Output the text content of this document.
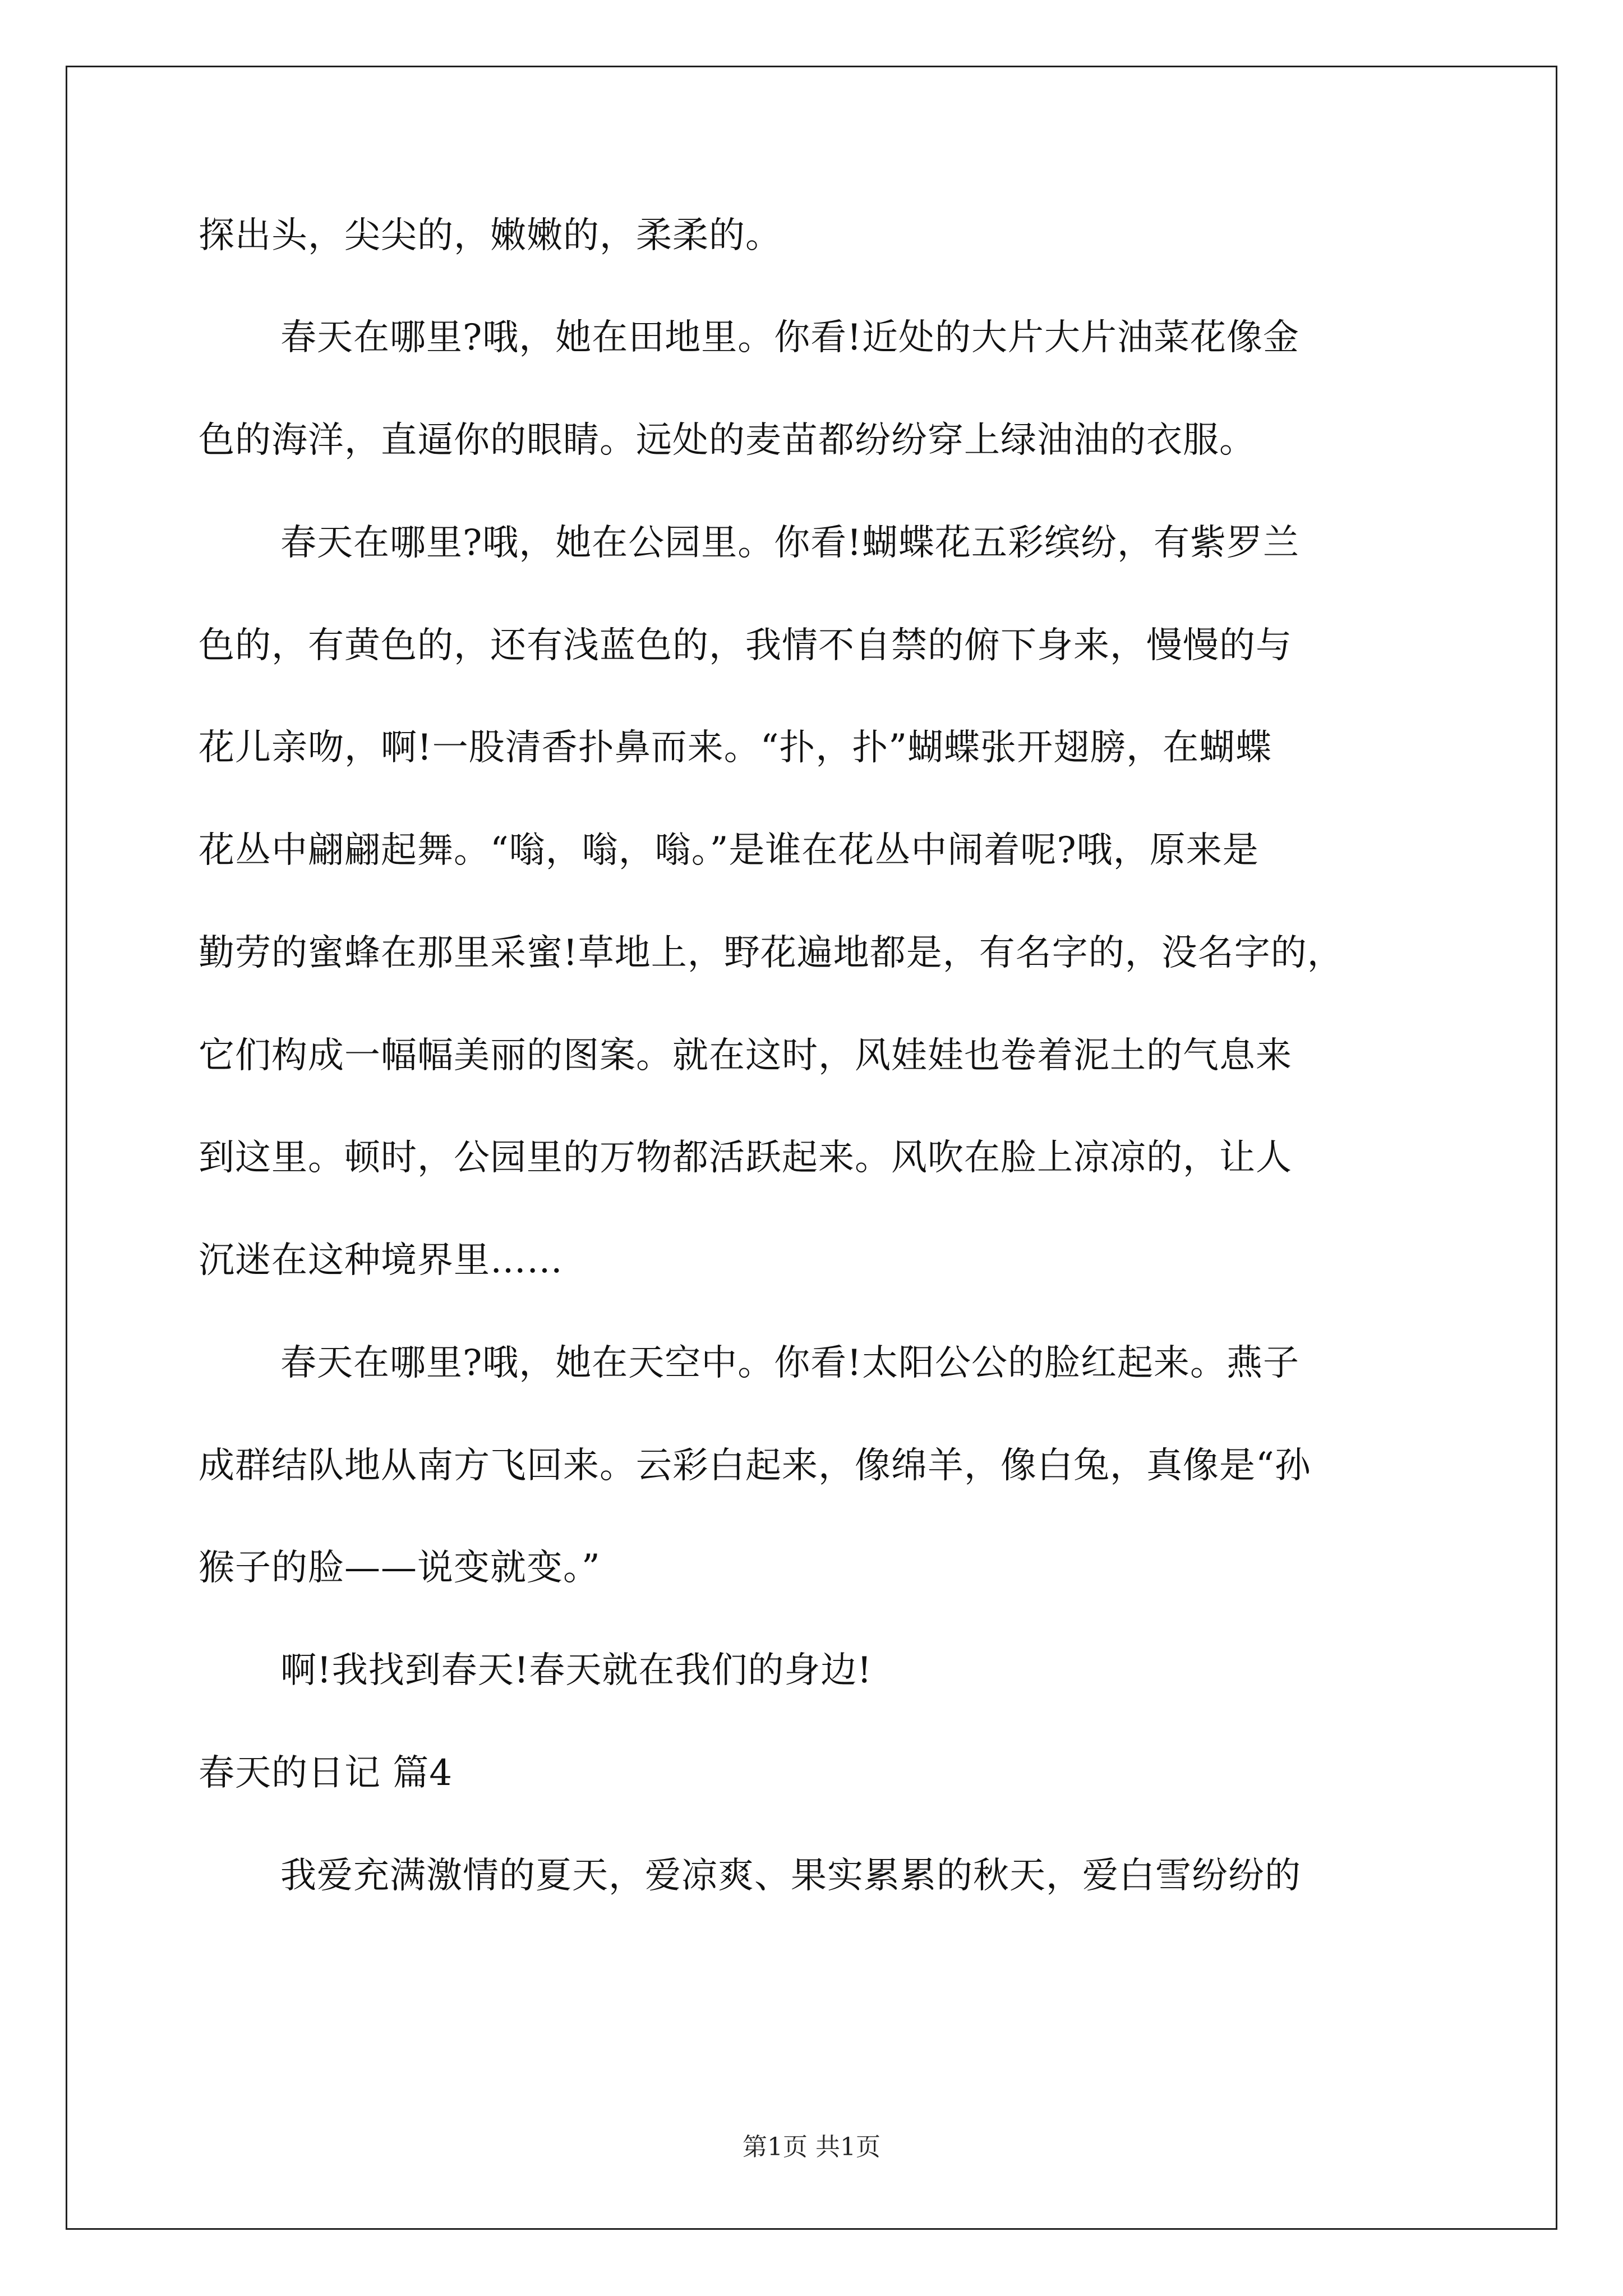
探出头，尖尖的，嫩嫩的，柔柔的。
春天在哪里?哦，她在田地里。你看!近处的大片大片油菜花像金
色的海洋，直逼你的眼睛。远处的麦苗都纷纷穿上绿油油的衣服。
春天在哪里?哦，她在公园里。你看!蝴蝶花五彩缤纷，有紫罗兰
色的，有黄色的，还有浅蓝色的，我情不自禁的俯下身来，慢慢的与
花儿亲吻，啊!一股清香扑鼻而来。“扑，扑”蝴蝶张开翅膀，在蝴蝶
花丛中翩翩起舞。“嗡，嗡，嗡。”是谁在花丛中闹着呢?哦，原来是
勤劳的蜜蜂在那里采蜜!草地上，野花遍地都是，有名字的，没名字的，
它们构成一幅幅美丽的图案。就在这时，风娃娃也卷着泥土的气息来
到这里。顿时，公园里的万物都活跃起来。风吹在脸上凉凉的，让人
沉迷在这种境界里……
春天在哪里?哦，她在天空中。你看!太阳公公的脸红起来。燕子
成群结队地从南方飞回来。云彩白起来，像绵羊，像白兔，真像是“孙
猴子的脸——说变就变。”
啊!我找到春天!春天就在我们的身边!
春天的日记 篇4
我爱充满激情的夏天，爱凉爽、果实累累的秋天，爱白雪纷纷的
第1页 共1页
